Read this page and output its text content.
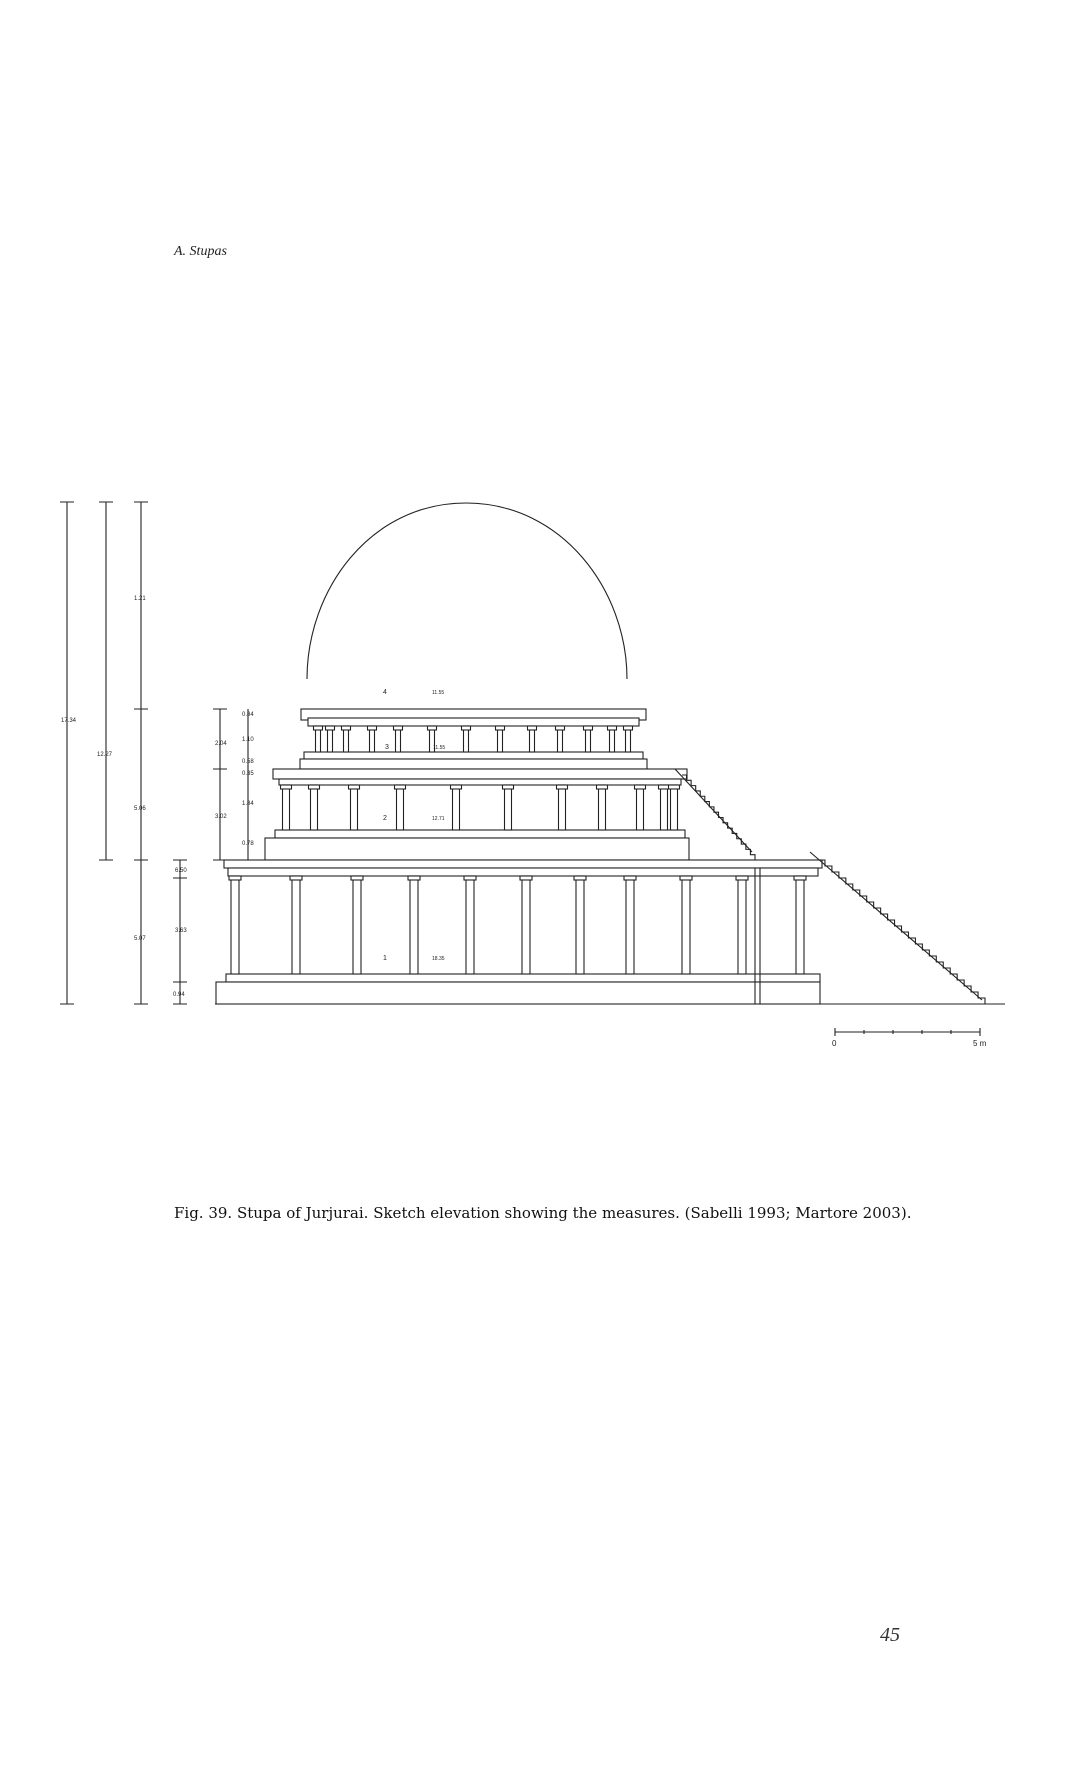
A. Stupas
17.34
12.27
1.21
5.06
5.07
2.04
3.02
6.50
3.63
0.94
1.10
0.58
1.84
0.78
0.84
0.35
4	11.55
3	11.55
2	12.71
1	18.35
0	5 m
Fig. 39. Stupa of Jurjurai. Sketch elevation showing the measures. (Sabelli 1993; Martore 2003).
45
